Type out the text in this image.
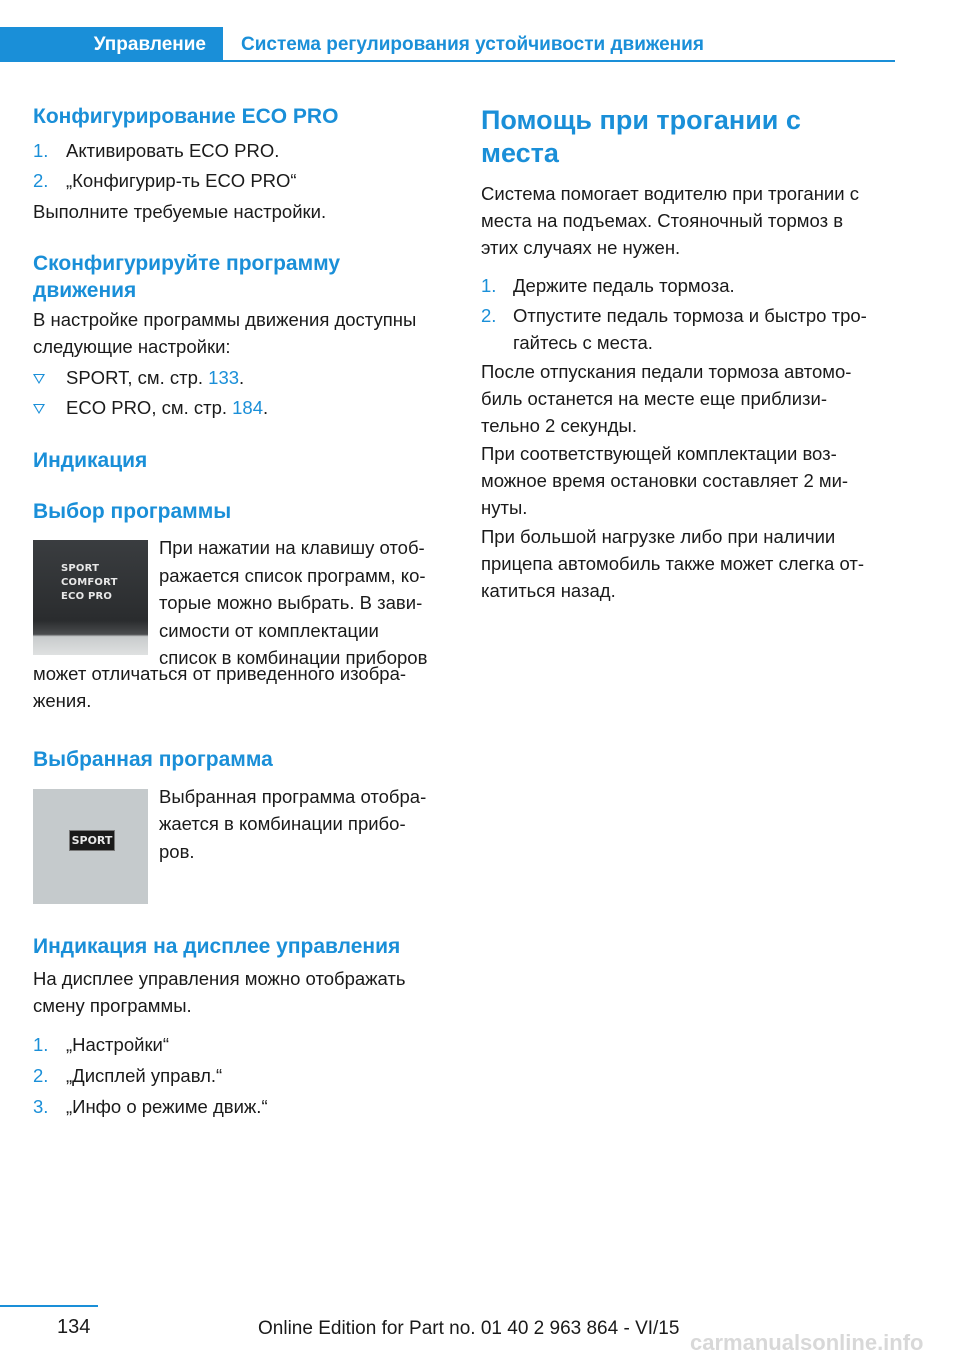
Управление	Система регулирования устойчивости движения
Конфигурирование ECO PRO
1. Активировать ECO PRO.
2. „Конфигурир-ть ECO PRO“
Выполните требуемые настройки.
Сконфигурируйте программу
движения
В настройке программы движения доступны
следующие настройки:
SPORT, см. стр. 133.
ECO PRO, см. стр. 184.
Индикация
Выбор программы
SPORT
COMFORT
ECO PRO
При нажатии на клавишу отоб-
ражается список программ, ко-
торые можно выбрать. В зави-
симости от комплектации
список в комбинации приборов
может отличаться от приведенного изобра-
жения.
Выбранная программа
SPORT
Выбранная программа отобра-
жается в комбинации прибо-
ров.
Индикация на дисплее управления
На дисплее управления можно отображать
смену программы.
1. „Настройки“
2. „Дисплей управл.“
3. „Инфо о режиме движ.“
Помощь при трогании с
места
Система помогает водителю при трогании с
места на подъемах. Стояночный тормоз в
этих случаях не нужен.
1. Держите педаль тормоза.
2. Отпустите педаль тормоза и быстро тро-
гайтесь с места.
После отпускания педали тормоза автомо-
биль останется на месте еще приблизи-
тельно 2 секунды.
При соответствующей комплектации воз-
можное время остановки составляет 2 ми-
нуты.
При большой нагрузке либо при наличии
прицепа автомобиль также может слегка от-
катиться назад.
134	Online Edition for Part no. 01 40 2 963 864 - VI/15
carmanualsonline.info
